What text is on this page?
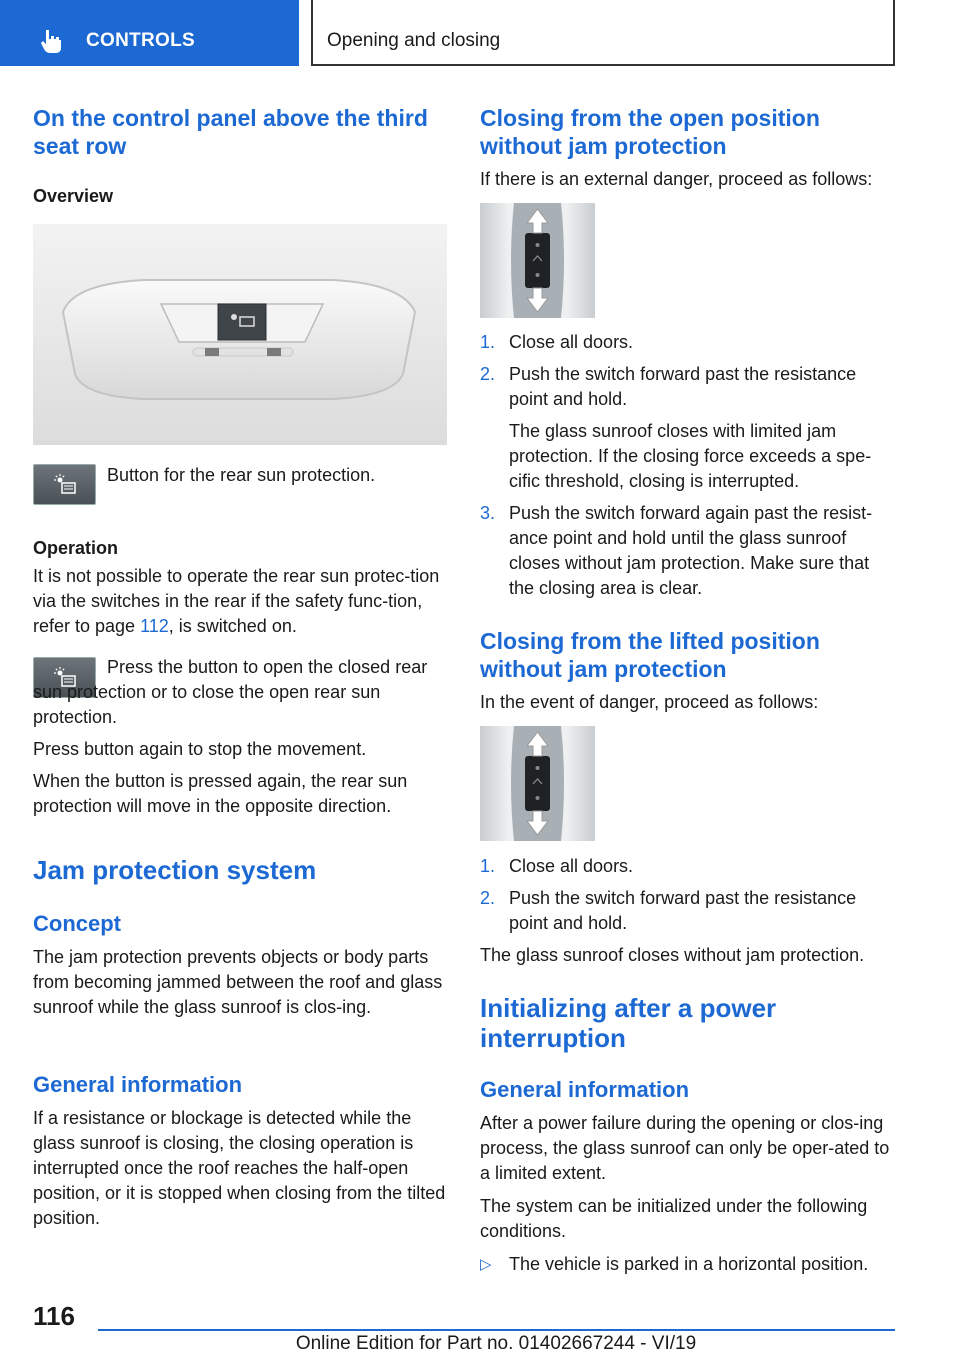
CONTROLS	Opening and closing
On the control panel above the third seat row
Overview

Button for the rear sun protection.

Operation

It is not possible to operate the rear sun protec-tion via the switches in the rear if the safety func-tion, refer to page 112, is switched on.

Press the button to open the closed rear sun protection or to close the open rear sun protection.

Press button again to stop the movement.

When the button is pressed again, the rear sun protection will move in the opposite direction.

Jam protection system
Concept

The jam protection prevents objects or body parts from becoming jammed between the roof and glass sunroof while the glass sunroof is clos-ing.

General information

If a resistance or blockage is detected while the glass sunroof is closing, the closing operation is interrupted once the roof reaches the half-open position, or it is stopped when closing from the tilted position.

Closing from the open position without jam protection

If there is an external danger, proceed as follows:

1. Close all doors.
2. Push the switch forward past the resistance point and hold.
The glass sunroof closes with limited jam protection. If the closing force exceeds a spe-cific threshold, closing is interrupted.
3. Push the switch forward again past the resist-ance point and hold until the glass sunroof closes without jam protection. Make sure that the closing area is clear.
Closing from the lifted position without jam protection

In the event of danger, proceed as follows:

1. Close all doors.
2. Push the switch forward past the resistance point and hold.

The glass sunroof closes without jam protection.

Initializing after a power interruption
General information

After a power failure during the opening or clos-ing process, the glass sunroof can only be oper-ated to a limited extent.

The system can be initialized under the following conditions.

▷ The vehicle is parked in a horizontal position.

116
Online Edition for Part no. 01402667244 - VI/19
